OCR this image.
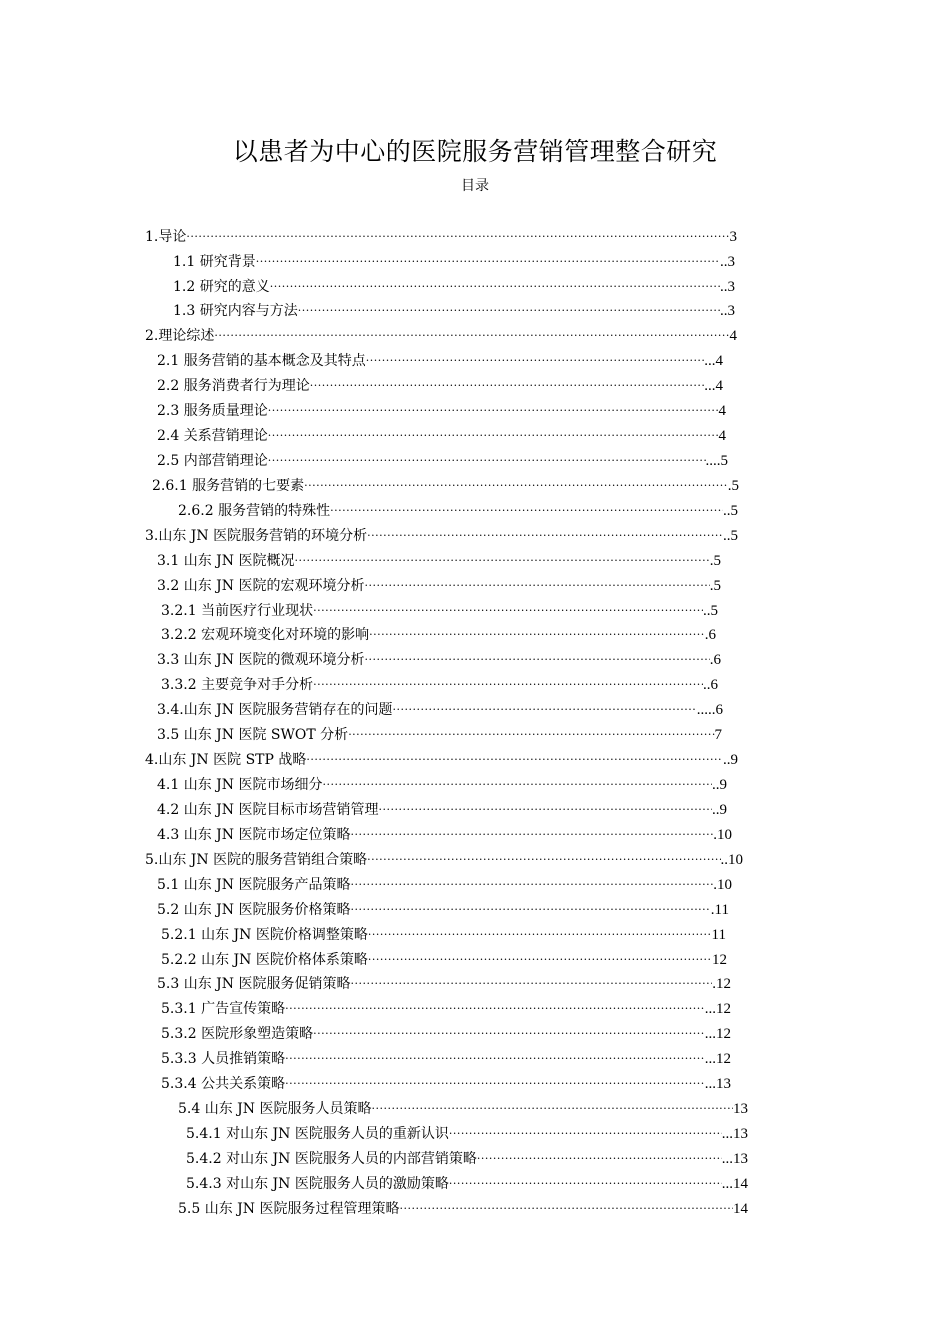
以患者为中心的医院服务营销管理整合研究
目录
1.导论 ·····	3
1.1 研究背景 ·····	..3
1.2 研究的意义 ·····	..3
1.3 研究内容与方法 ·····	..3
2.理论综述 ·····	4
2.1 服务营销的基本概念及其特点 ·····	...4
2.2 服务消费者行为理论 ·····	...4
2.3 服务质量理论 ·····	4
2.4 关系营销理论 ·····	4
2.5 内部营销理论 ·····	....5
2.6.1 服务营销的七要素 ·····	.5
2.6.2 服务营销的特殊性 ·····	..5
3.山东 JN 医院服务营销的环境分析 ·····	..5
3.1 山东 JN 医院概况 ·····	.5
3.2 山东 JN 医院的宏观环境分析 ·····	.5
3.2.1 当前医疗行业现状 ·····	..5
3.2.2 宏观环境变化对环境的影响 ·····	.6
3.3 山东 JN 医院的微观环境分析 ·····	.6
3.3.2 主要竞争对手分析 ·····	..6
3.4.山东 JN 医院服务营销存在的问题 ·····	.....6
3.5 山东 JN 医院 SWOT 分析 ·····	7
4.山东 JN 医院 STP 战略 ·····	..9
4.1 山东 JN 医院市场细分 ·····	..9
4.2 山东 JN 医院目标市场营销管理 ·····	..9
4.3 山东 JN 医院市场定位策略 ·····	.10
5.山东 JN 医院的服务营销组合策略 ·····	..10
5.1 山东 JN 医院服务产品策略 ·····	.10
5.2 山东 JN 医院服务价格策略 ·····	.11
5.2.1 山东 JN 医院价格调整策略 ·····	11
5.2.2 山东 JN 医院价格体系策略 ·····	12
5.3 山东 JN 医院服务促销策略 ·····	.12
5.3.1 广告宣传策略 ·····	...12
5.3.2 医院形象塑造策略 ·····	...12
5.3.3 人员推销策略 ·····	...12
5.3.4 公共关系策略 ·····	...13
5.4 山东 JN 医院服务人员策略 ·····	13
5.4.1 对山东 JN 医院服务人员的重新认识 ·····	...13
5.4.2 对山东 JN 医院服务人员的内部营销策略 ·····	...13
5.4.3 对山东 JN 医院服务人员的激励策略 ·····	...14
5.5 山东 JN 医院服务过程管理策略 ·····	14
